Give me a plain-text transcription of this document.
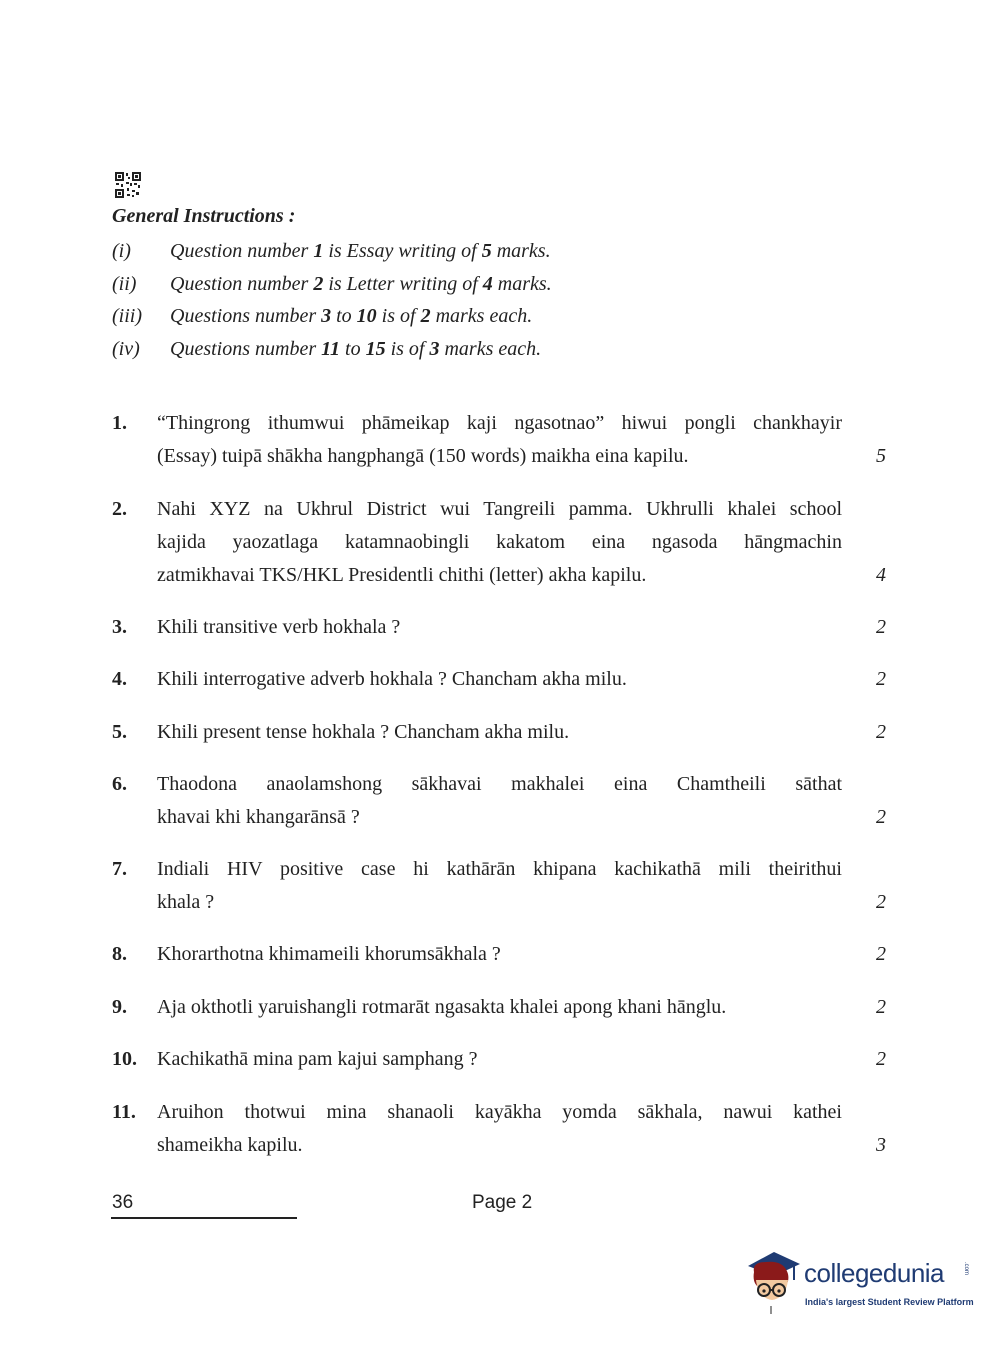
General Instructions :
(i) Question number 1 is Essay writing of 5 marks.
(ii) Question number 2 is Letter writing of 4 marks.
(iii) Questions number 3 to 10 is of 2 marks each.
(iv) Questions number 11 to 15 is of 3 marks each.
1. “Thingrong ithumwui phāmeikap kaji ngasotnao” hiwui pongli chankhayir
(Essay) tuipā shākha hangphangā (150 words) maikha eina kapilu.	5
2. Nahi XYZ na Ukhrul District wui Tangreili pamma. Ukhrulli khalei school
kajida yaozatlaga katamnaobingli kakatom eina ngasoda hāngmachin
zatmikhavai TKS/HKL Presidentli chithi (letter) akha kapilu.	4
3. Khili transitive verb hokhala ?	2
4. Khili interrogative adverb hokhala ? Chancham akha milu.	2
5. Khili present tense hokhala ? Chancham akha milu.	2
6. Thaodona anaolamshong sākhavai makhalei eina Chamtheili sāthat
khavai khi khangarānsā ?	2
7. Indiali HIV positive case hi kathārān khipana kachikathā mili theirithui
khala ?	2
8. Khorarthotna khimameili khorumsākhala ?	2
9. Aja okthotli yaruishangli rotmarāt ngasakta khalei apong khani hānglu.	2
10. Kachikathā mina pam kajui samphang ?	2
11. Aruihon thotwui mina shanaoli kayākha yomda sākhala, nawui kathei
shameikha kapilu.	3
36	Page 2
collegedunia	.com
India's largest Student Review Platform
